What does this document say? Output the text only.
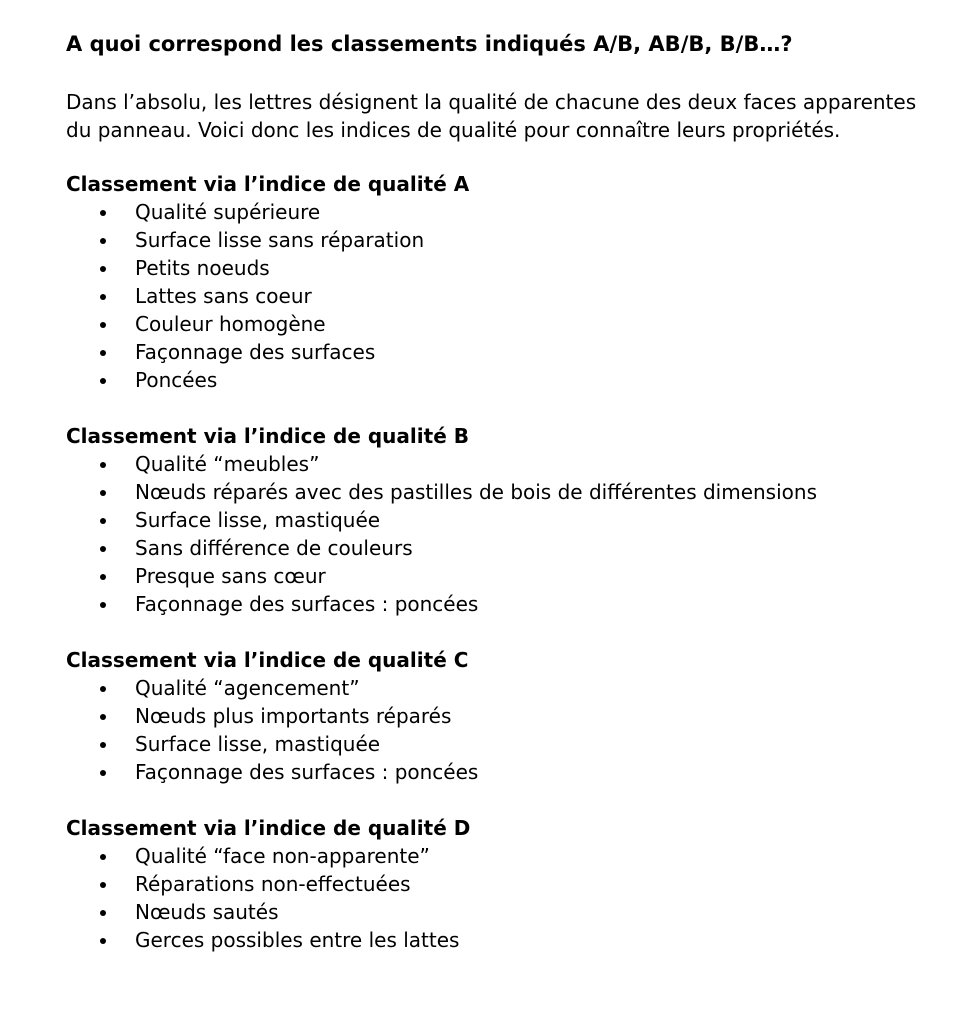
A quoi correspond les classements indiqués A/B, AB/B, B/B…?

Dans l’absolu, les lettres désignent la qualité de chacune des deux faces apparentes
du panneau. Voici donc les indices de qualité pour connaître leurs propriétés.

Classement via l’indice de qualité A
Qualité supérieure
Surface lisse sans réparation
Petits noeuds
Lattes sans coeur
Couleur homogène
Façonnage des surfaces
Poncées
Classement via l’indice de qualité B
Qualité “meubles”
Nœuds réparés avec des pastilles de bois de différentes dimensions
Surface lisse, mastiquée
Sans différence de couleurs
Presque sans cœur
Façonnage des surfaces : poncées
Classement via l’indice de qualité C
Qualité “agencement”
Nœuds plus importants réparés
Surface lisse, mastiquée
Façonnage des surfaces : poncées
Classement via l’indice de qualité D
Qualité “face non-apparente”
Réparations non-effectuées
Nœuds sautés
Gerces possibles entre les lattes
